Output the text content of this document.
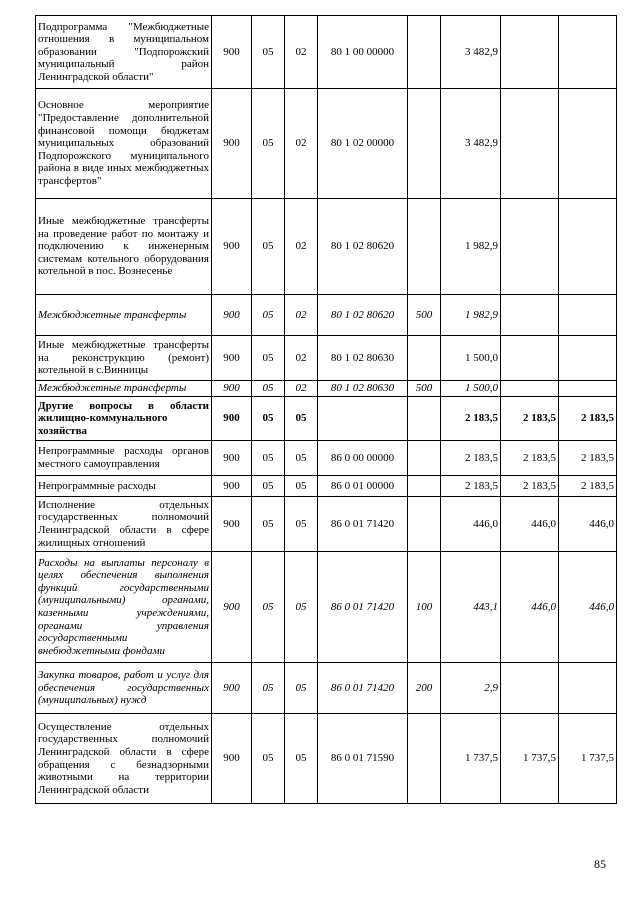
Подпрограмма "Межбюджетные отношения в муниципальном образовании "Подпорожский муниципальный район Ленинградской области"	900	05	02	80 1 00 00000		3 482,9		
Основное мероприятие "Предоставление дополнительной финансовой помощи бюджетам муниципальных образований Подпорожского муниципального района в виде иных межбюджетных трансфертов"	900	05	02	80 1 02 00000		3 482,9		
Иные межбюджетные трансферты на проведение работ по монтажу и подключению к инженерным системам котельного оборудования котельной в пос. Вознесенье	900	05	02	80 1 02 80620		1 982,9		
Межбюджетные трансферты	900	05	02	80 1 02 80620	500	1 982,9		
Иные межбюджетные трансферты на реконструкцию (ремонт) котельной в с.Винницы	900	05	02	80 1 02 80630		1 500,0		
Межбюджетные трансферты	900	05	02	80 1 02 80630	500	1 500,0		
Другие вопросы в области жилищно-коммунального хозяйства	900	05	05			2 183,5	2 183,5	2 183,5
Непрограммные расходы органов местного самоуправления	900	05	05	86 0 00 00000		2 183,5	2 183,5	2 183,5
Непрограммные расходы	900	05	05	86 0 01 00000		2 183,5	2 183,5	2 183,5
Исполнение отдельных государственных полномочий Ленинградской области в сфере жилищных отношений	900	05	05	86 0 01 71420		446,0	446,0	446,0
Расходы на выплаты персоналу в целях обеспечения выполнения функций государственными (муниципальными) органами, казенными учреждениями, органами управления государственными внебюджетными фондами	900	05	05	86 0 01 71420	100	443,1	446,0	446,0
Закупка товаров, работ и услуг для обеспечения государственных (муниципальных) нужд	900	05	05	86 0 01 71420	200	2,9		
Осуществление отдельных государственных полномочий Ленинградской области в сфере обращения с безнадзорными животными на территории Ленинградской области	900	05	05	86 0 01 71590		1 737,5	1 737,5	1 737,5
85
